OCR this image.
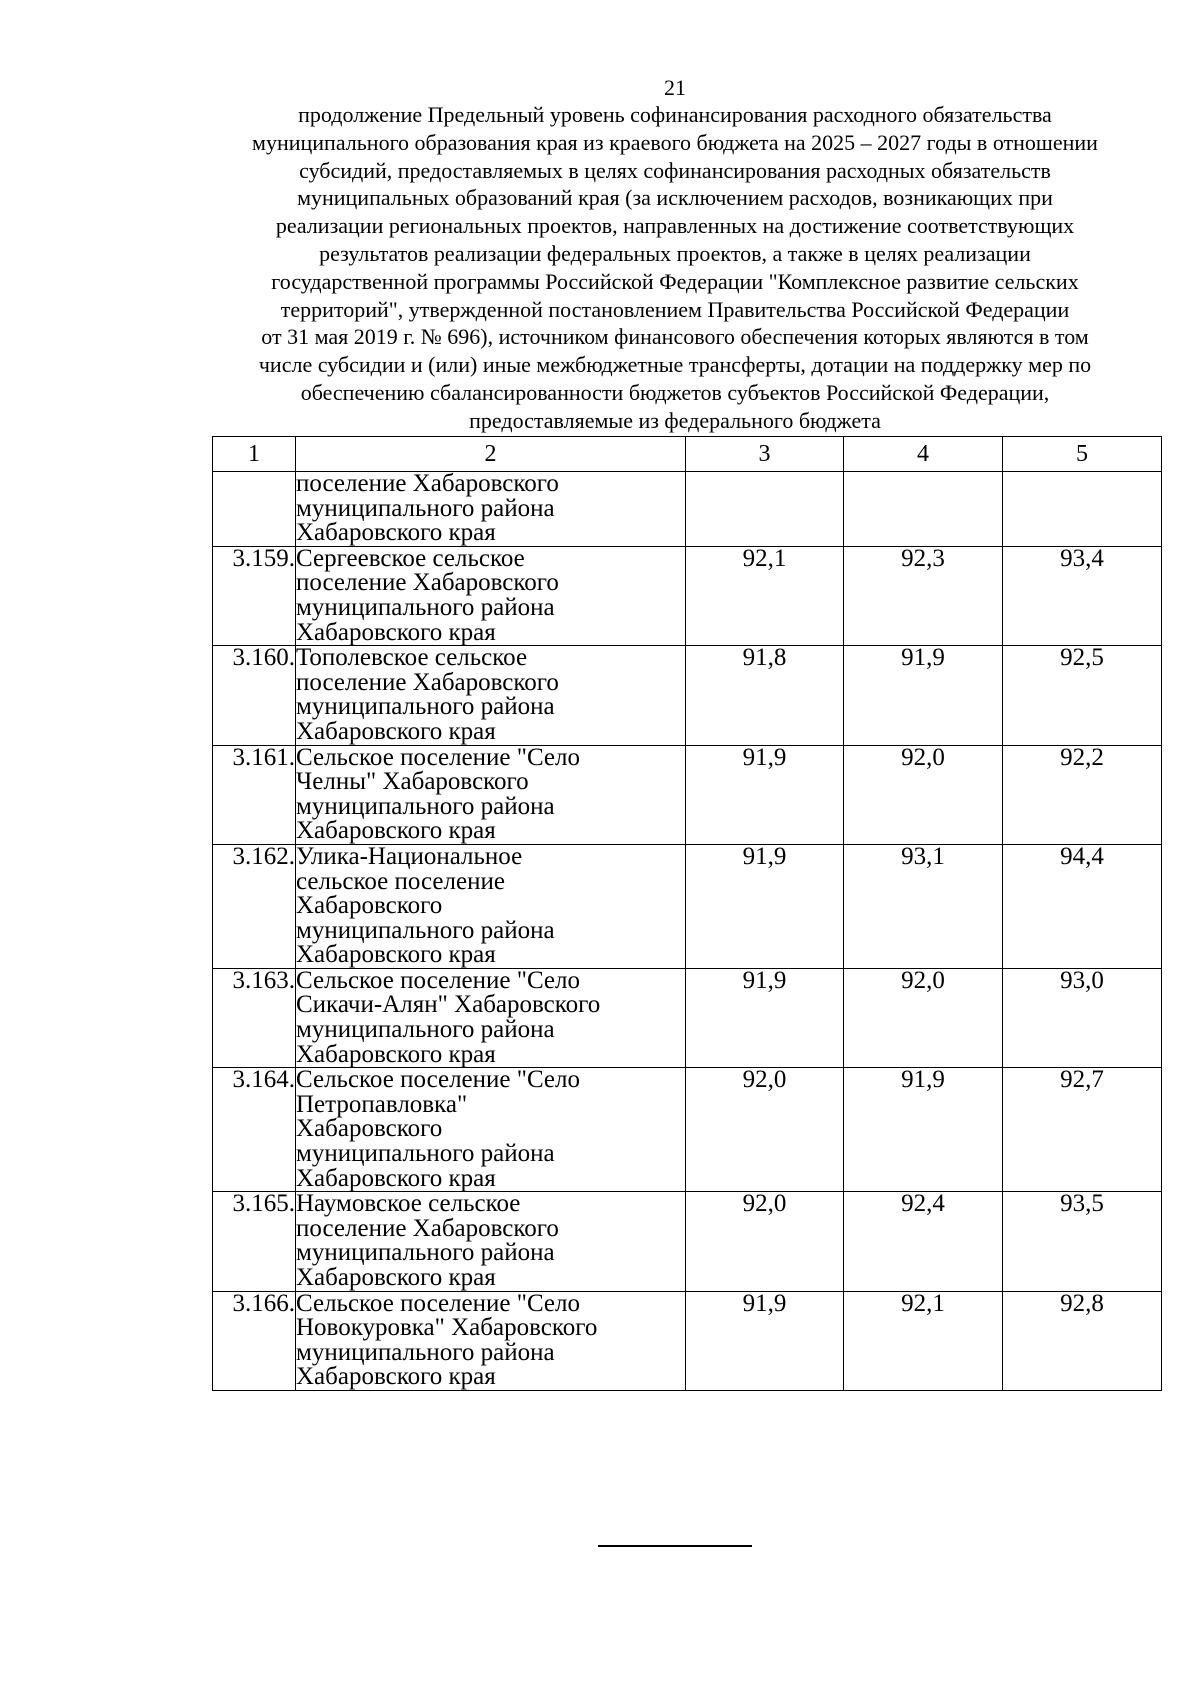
21
продолжение Предельный уровень софинансирования расходного обязательства
муниципального образования края из краевого бюджета на 2025 – 2027 годы в отношении
субсидий, предоставляемых в целях софинансирования расходных обязательств
муниципальных образований края (за исключением расходов, возникающих при
реализации региональных проектов, направленных на достижение соответствующих
результатов реализации федеральных проектов, а также в целях реализации
государственной программы Российской Федерации "Комплексное развитие сельских
территорий", утвержденной постановлением Правительства Российской Федерации
от 31 мая 2019 г. № 696), источником финансового обеспечения которых являются в том
числе субсидии и (или) иные межбюджетные трансферты, дотации на поддержку мер по
обеспечению сбалансированности бюджетов субъектов Российской Федерации,
предоставляемые из федерального бюджета
1	2	3	4	5

	поселение Хабаровского
муниципального района
Хабаровского края			

3.159.	Сергеевское сельское
поселение Хабаровского
муниципального района
Хабаровского края	92,1	92,3	93,4
3.160.	Тополевское сельское
поселение Хабаровского
муниципального района
Хабаровского края	91,8	91,9	92,5
3.161.	Сельское поселение "Село
Челны" Хабаровского
муниципального района
Хабаровского края	91,9	92,0	92,2
3.162.	Улика-Национальное
сельское поселение
Хабаровского
муниципального района
Хабаровского края	91,9	93,1	94,4
3.163.	Сельское поселение "Село
Сикачи-Алян" Хабаровского
муниципального района
Хабаровского края	91,9	92,0	93,0
3.164.	Сельское поселение "Село
Петропавловка"
Хабаровского
муниципального района
Хабаровского края	92,0	91,9	92,7
3.165.	Наумовское сельское
поселение Хабаровского
муниципального района
Хабаровского края	92,0	92,4	93,5
3.166.	Сельское поселение "Село
Новокуровка" Хабаровского
муниципального района
Хабаровского края	91,9	92,1	92,8
